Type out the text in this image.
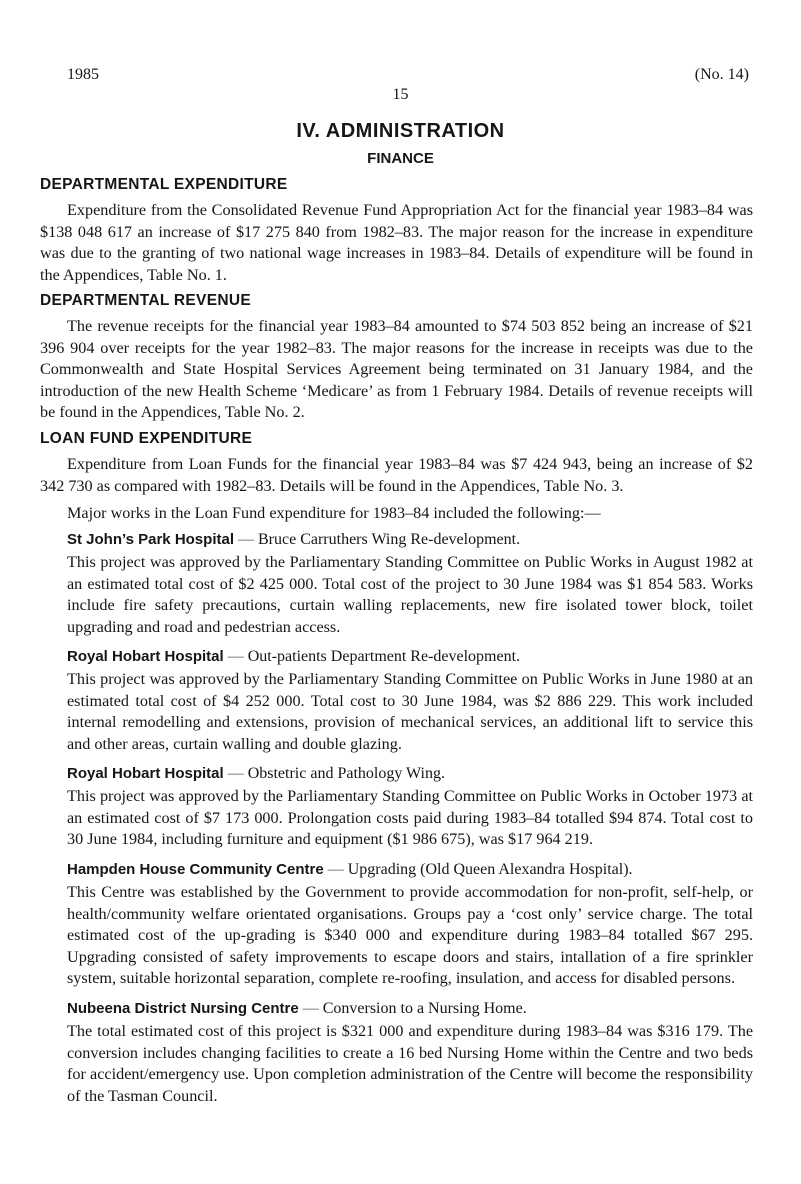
1985	(No. 14)
15
IV. ADMINISTRATION
FINANCE
DEPARTMENTAL EXPENDITURE

Expenditure from the Consolidated Revenue Fund Appropriation Act for the financial year 1983–84 was $138 048 617 an increase of $17 275 840 from 1982–83. The major reason for the increase in expenditure was due to the granting of two national wage increases in 1983–84. Details of expenditure will be found in the Appendices, Table No. 1.

DEPARTMENTAL REVENUE

The revenue receipts for the financial year 1983–84 amounted to $74 503 852 being an increase of $21 396 904 over receipts for the year 1982–83. The major reasons for the increase in receipts was due to the Commonwealth and State Hospital Services Agreement being terminated on 31 January 1984, and the introduction of the new Health Scheme ‘Medicare’ as from 1 February 1984. Details of revenue receipts will be found in the Appendices, Table No. 2.

LOAN FUND EXPENDITURE

Expenditure from Loan Funds for the financial year 1983–84 was $7 424 943, being an increase of $2 342 730 as compared with 1982–83. Details will be found in the Appendices, Table No. 3.

Major works in the Loan Fund expenditure for 1983–84 included the following:—

St John’s Park Hospital — Bruce Carruthers Wing Re-development.

This project was approved by the Parliamentary Standing Committee on Public Works in August 1982 at an estimated total cost of $2 425 000. Total cost of the project to 30 June 1984 was $1 854 583. Works include fire safety precautions, curtain walling replacements, new fire isolated tower block, toilet upgrading and road and pedestrian access.

Royal Hobart Hospital — Out-patients Department Re-development.

This project was approved by the Parliamentary Standing Committee on Public Works in June 1980 at an estimated total cost of $4 252 000. Total cost to 30 June 1984, was $2 886 229. This work included internal remodelling and extensions, provision of mechanical services, an additional lift to service this and other areas, curtain walling and double glazing.

Royal Hobart Hospital — Obstetric and Pathology Wing.

This project was approved by the Parliamentary Standing Committee on Public Works in October 1973 at an estimated cost of $7 173 000. Prolongation costs paid during 1983–84 totalled $94 874. Total cost to 30 June 1984, including furniture and equipment ($1 986 675), was $17 964 219.

Hampden House Community Centre — Upgrading (Old Queen Alexandra Hospital).

This Centre was established by the Government to provide accommodation for non-profit, self-help, or health/community welfare orientated organisations. Groups pay a ‘cost only’ service charge. The total estimated cost of the up-grading is $340 000 and expenditure during 1983–84 totalled $67 295. Upgrading consisted of safety improvements to escape doors and stairs, intallation of a fire sprinkler system, suitable horizontal separation, complete re-roofing, insulation, and access for disabled persons.

Nubeena District Nursing Centre — Conversion to a Nursing Home.

The total estimated cost of this project is $321 000 and expenditure during 1983–84 was $316 179. The conversion includes changing facilities to create a 16 bed Nursing Home within the Centre and two beds for accident/emergency use. Upon completion administration of the Centre will become the responsibility of the Tasman Council.
